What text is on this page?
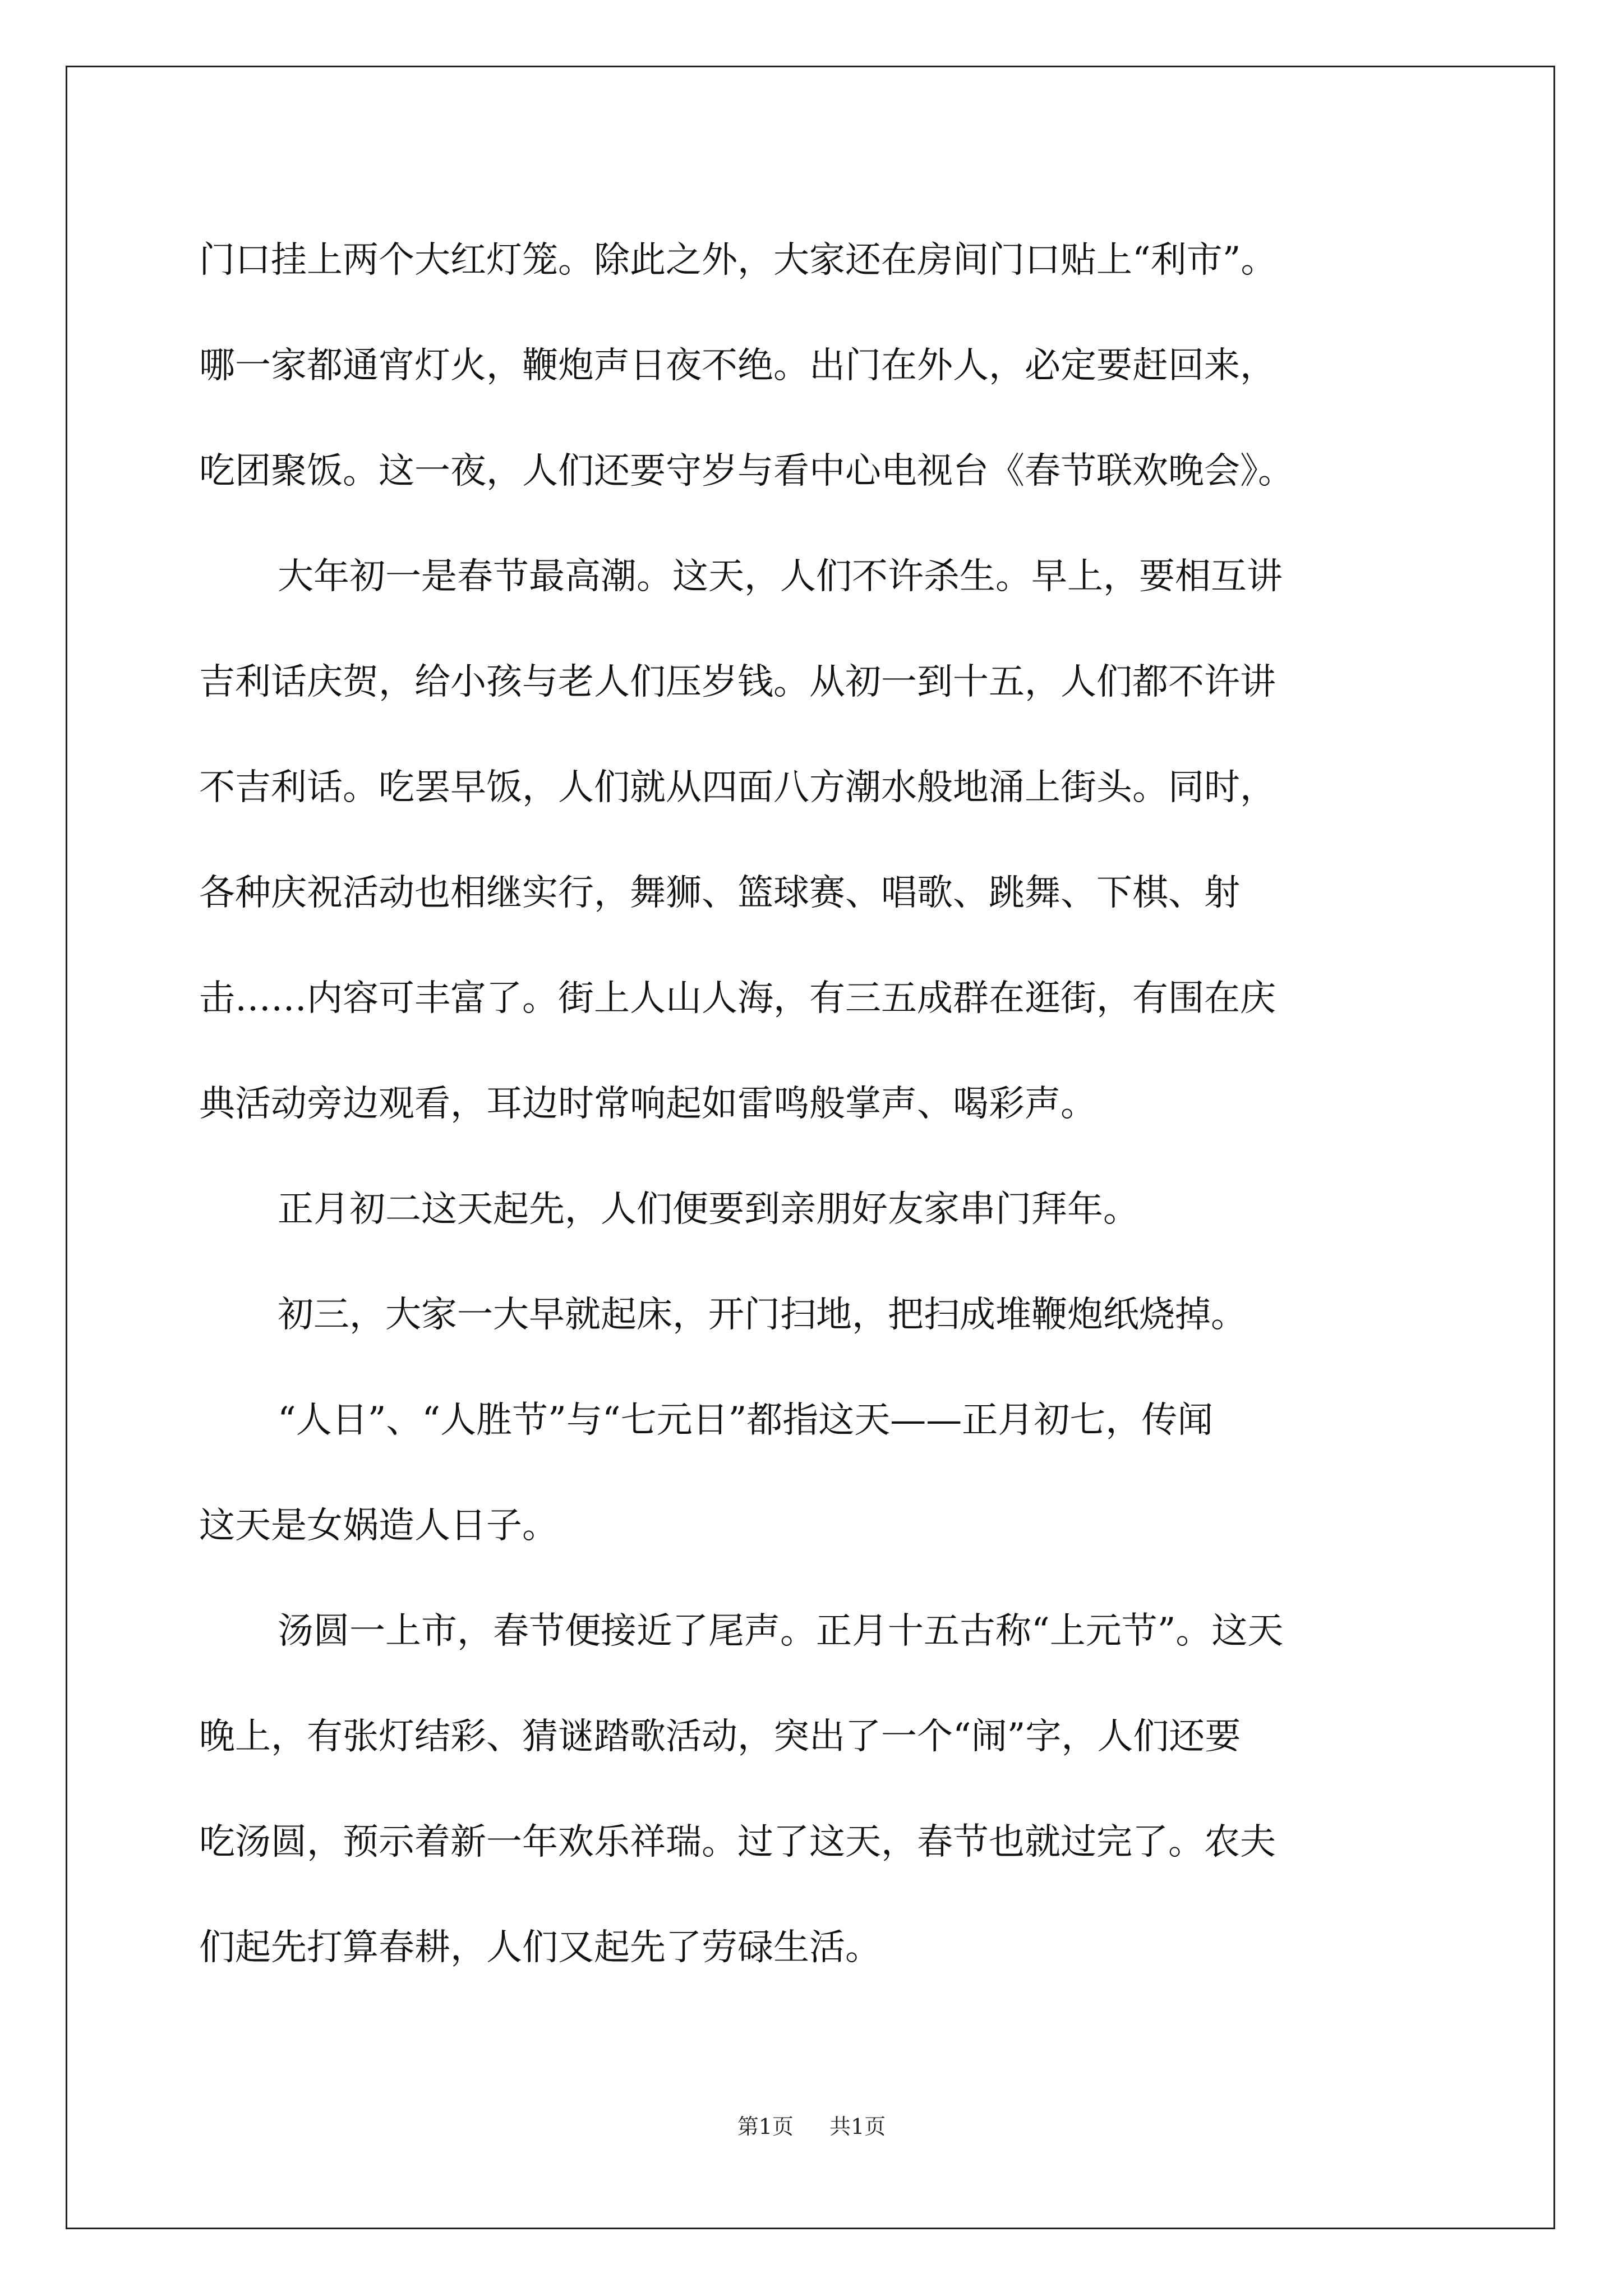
门口挂上两个大红灯笼。除此之外，大家还在房间门口贴上“利市”。
哪一家都通宵灯火，鞭炮声日夜不绝。出门在外人，必定要赶回来，
吃团聚饭。这一夜，人们还要守岁与看中心电视台《春节联欢晚会》。
大年初一是春节最高潮。这天，人们不许杀生。早上，要相互讲
吉利话庆贺，给小孩与老人们压岁钱。从初一到十五，人们都不许讲
不吉利话。吃罢早饭，人们就从四面八方潮水般地涌上街头。同时，
各种庆祝活动也相继实行，舞狮、篮球赛、唱歌、跳舞、下棋、射
击……内容可丰富了。街上人山人海，有三五成群在逛街，有围在庆
典活动旁边观看，耳边时常响起如雷鸣般掌声、喝彩声。
正月初二这天起先，人们便要到亲朋好友家串门拜年。
初三，大家一大早就起床，开门扫地，把扫成堆鞭炮纸烧掉。
“人日”、“人胜节”与“七元日”都指这天——正月初七，传闻
这天是女娲造人日子。
汤圆一上市，春节便接近了尾声。正月十五古称“上元节”。这天
晚上，有张灯结彩、猜谜踏歌活动，突出了一个“闹”字，人们还要
吃汤圆，预示着新一年欢乐祥瑞。过了这天，春节也就过完了。农夫
们起先打算春耕，人们又起先了劳碌生活。
第1页 共1页
